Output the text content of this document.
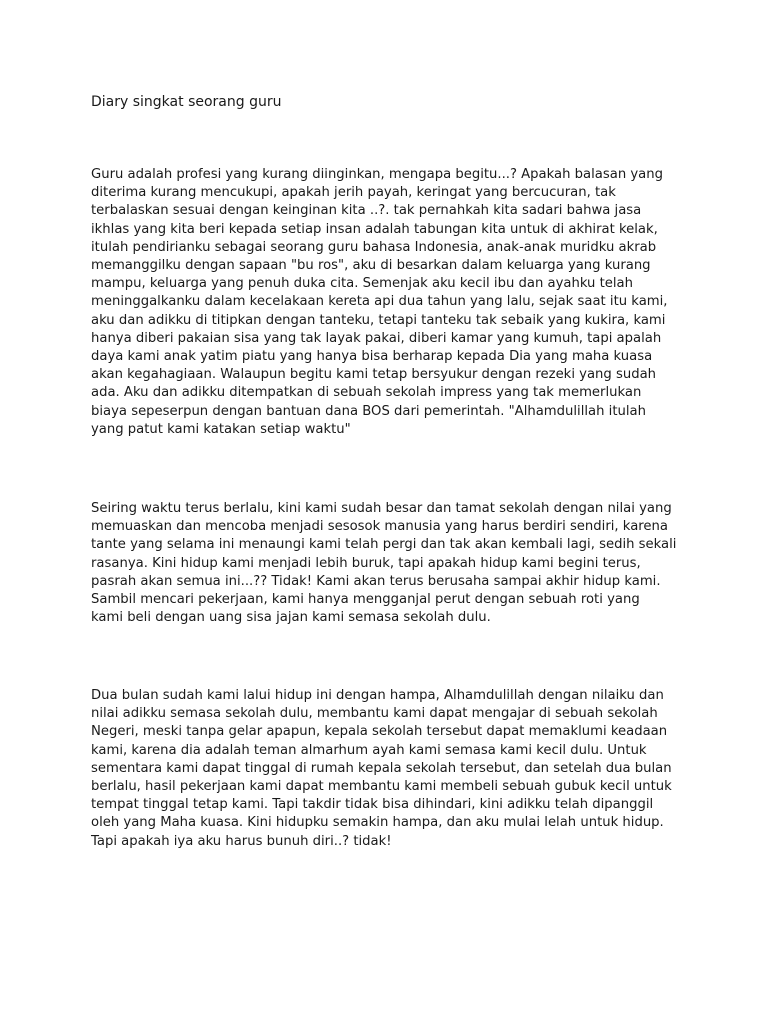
Diary singkat seorang guru

Guru adalah profesi yang kurang diinginkan, mengapa begitu...? Apakah balasan yang
diterima kurang mencukupi, apakah jerih payah, keringat yang bercucuran, tak
terbalaskan sesuai dengan keinginan kita ..?. tak pernahkah kita sadari bahwa jasa
ikhlas yang kita beri kepada setiap insan adalah tabungan kita untuk di akhirat kelak,
itulah pendirianku sebagai seorang guru bahasa Indonesia, anak-anak muridku akrab
memanggilku dengan sapaan "bu ros", aku di besarkan dalam keluarga yang kurang
mampu, keluarga yang penuh duka cita. Semenjak aku kecil ibu dan ayahku telah
meninggalkanku dalam kecelakaan kereta api dua tahun yang lalu, sejak saat itu kami,
aku dan adikku di titipkan dengan tanteku, tetapi tanteku tak sebaik yang kukira, kami
hanya diberi pakaian sisa yang tak layak pakai, diberi kamar yang kumuh, tapi apalah
daya kami anak yatim piatu yang hanya bisa berharap kepada Dia yang maha kuasa
akan kegahagiaan. Walaupun begitu kami tetap bersyukur dengan rezeki yang sudah
ada. Aku dan adikku ditempatkan di sebuah sekolah impress yang tak memerlukan
biaya sepeserpun dengan bantuan dana BOS dari pemerintah. "Alhamdulillah itulah
yang patut kami katakan setiap waktu"

Seiring waktu terus berlalu, kini kami sudah besar dan tamat sekolah dengan nilai yang
memuaskan dan mencoba menjadi sesosok manusia yang harus berdiri sendiri, karena
tante yang selama ini menaungi kami telah pergi dan tak akan kembali lagi, sedih sekali
rasanya. Kini hidup kami menjadi lebih buruk, tapi apakah hidup kami begini terus,
pasrah akan semua ini...?? Tidak! Kami akan terus berusaha sampai akhir hidup kami.
Sambil mencari pekerjaan, kami hanya mengganjal perut dengan sebuah roti yang
kami beli dengan uang sisa jajan kami semasa sekolah dulu.

Dua bulan sudah kami lalui hidup ini dengan hampa, Alhamdulillah dengan nilaiku dan
nilai adikku semasa sekolah dulu, membantu kami dapat mengajar di sebuah sekolah
Negeri, meski tanpa gelar apapun, kepala sekolah tersebut dapat memaklumi keadaan
kami, karena dia adalah teman almarhum ayah kami semasa kami kecil dulu. Untuk
sementara kami dapat tinggal di rumah kepala sekolah tersebut, dan setelah dua bulan
berlalu, hasil pekerjaan kami dapat membantu kami membeli sebuah gubuk kecil untuk
tempat tinggal tetap kami. Tapi takdir tidak bisa dihindari, kini adikku telah dipanggil
oleh yang Maha kuasa. Kini hidupku semakin hampa, dan aku mulai lelah untuk hidup.
Tapi apakah iya aku harus bunuh diri..? tidak!
